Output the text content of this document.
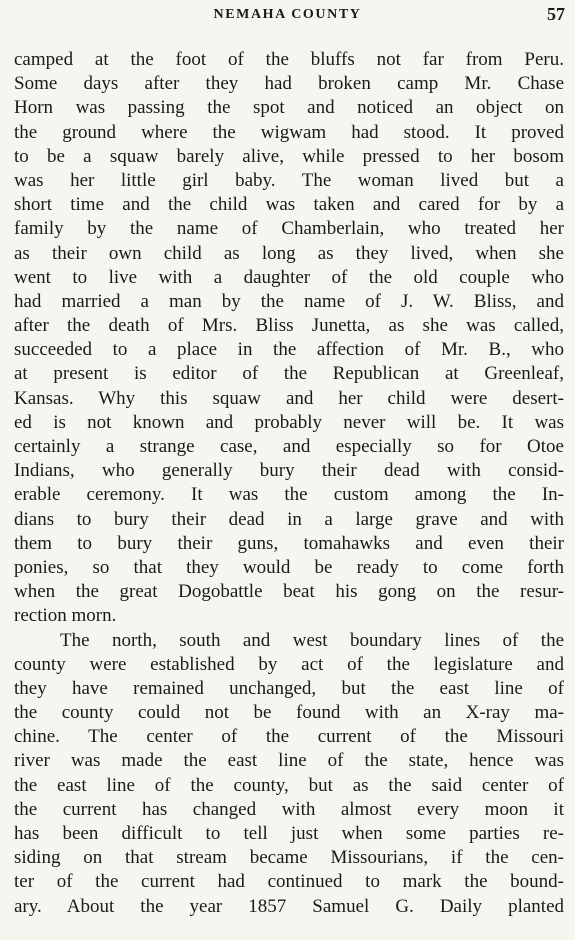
NEMAHA COUNTY	57
camped at the foot of the bluffs not far from Peru.
Some days after they had broken camp Mr. Chase
Horn was passing the spot and noticed an object on
the ground where the wigwam had stood. It proved
to be a squaw barely alive, while pressed to her bosom
was her little girl baby. The woman lived but a
short time and the child was taken and cared for by a
family by the name of Chamberlain, who treated her
as their own child as long as they lived, when she
went to live with a daughter of the old couple who
had married a man by the name of J. W. Bliss, and
after the death of Mrs. Bliss Junetta, as she was called,
succeeded to a place in the affection of Mr. B., who
at present is editor of the Republican at Greenleaf,
Kansas. Why this squaw and her child were desert-
ed is not known and probably never will be. It was
certainly a strange case, and especially so for Otoe
Indians, who generally bury their dead with consid-
erable ceremony. It was the custom among the In-
dians to bury their dead in a large grave and with
them to bury their guns, tomahawks and even their
ponies, so that they would be ready to come forth
when the great Dogobattle beat his gong on the resur-
rection morn.
The north, south and west boundary lines of the
county were established by act of the legislature and
they have remained unchanged, but the east line of
the county could not be found with an X-ray ma-
chine. The center of the current of the Missouri
river was made the east line of the state, hence was
the east line of the county, but as the said center of
the current has changed with almost every moon it
has been difficult to tell just when some parties re-
siding on that stream became Missourians, if the cen-
ter of the current had continued to mark the bound-
ary. About the year 1857 Samuel G. Daily planted
